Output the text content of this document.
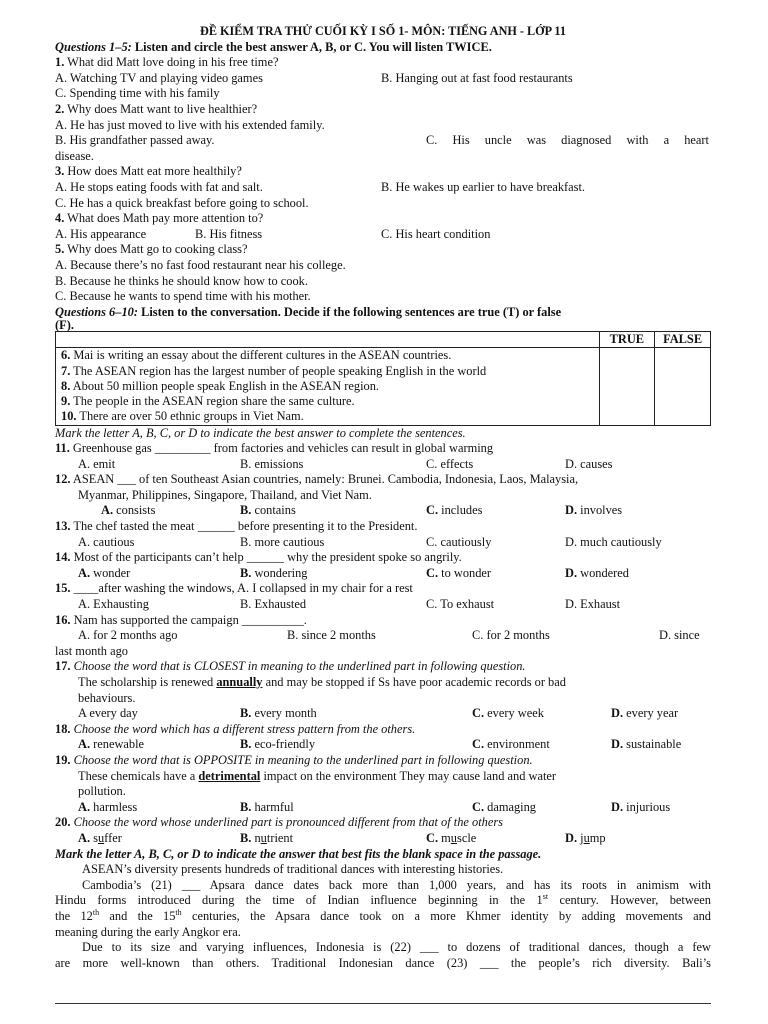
ĐỀ KIỂM TRA THỬ CUỐI KỲ I SỐ 1- MÔN: TIẾNG ANH - LỚP 11
Questions 1–5: Listen and circle the best answer A, B, or C. You will listen TWICE.
1. What did Matt love doing in his free time?
A. Watching TV and playing video games	B. Hanging out at fast food restaurants
C. Spending time with his family
2. Why does Matt want to live healthier?
A. He has just moved to live with his extended family.
B. His grandfather passed away.	C. His uncle was diagnosed with a heart
disease.
3. How does Matt eat more healthily?
A. He stops eating foods with fat and salt.	B. He wakes up earlier to have breakfast.
C. He has a quick breakfast before going to school.
4. What does Math pay more attention to?
A. His appearance	B. His fitness	C. His heart condition
5. Why does Matt go to cooking class?
A. Because there’s no fast food restaurant near his college.
B. Because he thinks he should know how to cook.
C. Because he wants to spend time with his mother.
Questions 6–10: Listen to the conversation. Decide if the following sentences are true (T) or false
(F).
	TRUE	FALSE
6. Mai is writing an essay about the different cultures in the ASEAN countries.		
7. The ASEAN region has the largest number of people speaking English in the world		
8. About 50 million people speak English in the ASEAN region.		
9. The people in the ASEAN region share the same culture.		
10. There are over 50 ethnic groups in Viet Nam.		
Mark the letter A, B, C, or D to indicate the best answer to complete the sentences.
11. Greenhouse gas _________ from factories and vehicles can result in global warming
A. emit	B. emissions	C. effects	D. causes
12. ASEAN ___ of ten Southeast Asian countries, namely: Brunei. Cambodia, Indonesia, Laos, Malaysia,
Myanmar, Philippines, Singapore, Thailand, and Viet Nam.
A. consists	B. contains	C. includes	D. involves
13. The chef tasted the meat ______ before presenting it to the President.
A. cautious	B. more cautious	C. cautiously	D. much cautiously
14. Most of the participants can’t help ______ why the president spoke so angrily.
A. wonder	B. wondering	C. to wonder	D. wondered
15. ____after washing the windows, A. I collapsed in my chair for a rest
A. Exhausting	B. Exhausted	C. To exhaust	D. Exhaust
16. Nam has supported the campaign __________.
A. for 2 months ago	B. since 2 months	C. for 2 months	D. since
last month ago
17. Choose the word that is CLOSEST in meaning to the underlined part in following question.
The scholarship is renewed annually and may be stopped if Ss have poor academic records or bad
behaviours.
A every day	B. every month	C. every week	D. every year
18. Choose the word which has a different stress pattern from the others.
A. renewable	B. eco-friendly	C. environment	D. sustainable
19. Choose the word that is OPPOSITE in meaning to the underlined part in following question.
These chemicals have a detrimental impact on the environment They may cause land and water
pollution.
A. harmless	B. harmful	C. damaging	D. injurious
20. Choose the word whose underlined part is pronounced different from that of the others
A. suffer	B. nutrient	C. muscle	D. jump
Mark the letter A, B, C, or D to indicate the answer that best fits the blank space in the passage.
ASEAN’s diversity presents hundreds of traditional dances with interesting histories.
Cambodia’s (21) ___ Apsara dance dates back more than 1,000 years, and has its roots in animism with
Hindu forms introduced during the time of Indian influence beginning in the 1st century. However, between
the 12th and the 15th centuries, the Apsara dance took on a more Khmer identity by adding movements and
meaning during the early Angkor era.
Due to its size and varying influences, Indonesia is (22) ___ to dozens of traditional dances, though a few
are more well-known than others. Traditional Indonesian dance (23) ___ the people’s rich diversity. Bali’s
